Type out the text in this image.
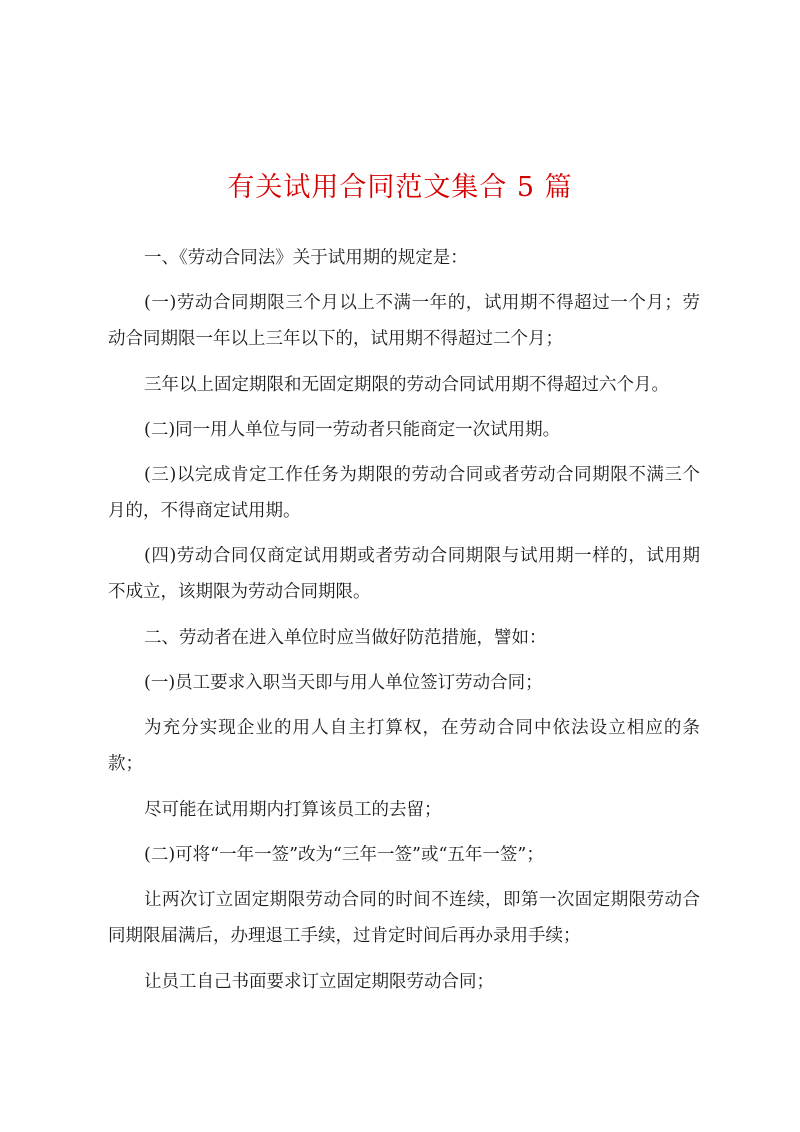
有关试用合同范文集合 5 篇

一、《劳动合同法》关于试用期的规定是：

(一)劳动合同期限三个月以上不满一年的，试用期不得超过一个月；劳动合同期限一年以上三年以下的，试用期不得超过二个月；

三年以上固定期限和无固定期限的劳动合同试用期不得超过六个月。

(二)同一用人单位与同一劳动者只能商定一次试用期。

(三)以完成肯定工作任务为期限的劳动合同或者劳动合同期限不满三个月的，不得商定试用期。

(四)劳动合同仅商定试用期或者劳动合同期限与试用期一样的，试用期不成立，该期限为劳动合同期限。

二、劳动者在进入单位时应当做好防范措施，譬如：

(一)员工要求入职当天即与用人单位签订劳动合同；

为充分实现企业的用人自主打算权，在劳动合同中依法设立相应的条款；

尽可能在试用期内打算该员工的去留；

(二)可将“一年一签”改为“三年一签”或“五年一签”；

让两次订立固定期限劳动合同的时间不连续，即第一次固定期限劳动合同期限届满后，办理退工手续，过肯定时间后再办录用手续；

让员工自己书面要求订立固定期限劳动合同；
